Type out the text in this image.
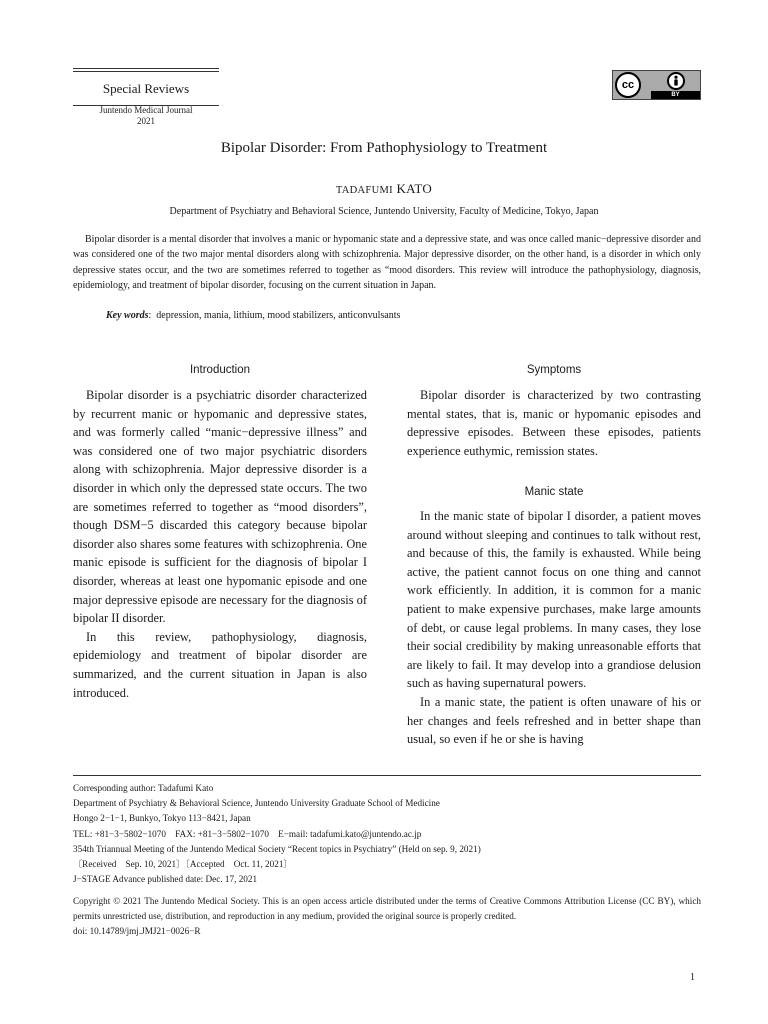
Special Reviews
Juntendo Medical Journal
2021
cc
BY
Bipolar Disorder: From Pathophysiology to Treatment
TADAFUMI KATO
Department of Psychiatry and Behavioral Science, Juntendo University, Faculty of Medicine, Tokyo, Japan
Bipolar disorder is a mental disorder that involves a manic or hypomanic state and a depressive state, and was once called manic−depressive disorder and was considered one of the two major mental disorders along with schizophrenia. Major depressive disorder, on the other hand, is a disorder in which only depressive states occur, and the two are sometimes referred to together as “mood disorders. This review will introduce the pathophysiology, diagnosis, epidemiology, and treatment of bipolar disorder, focusing on the current situation in Japan.
Key words:  depression, mania, lithium, mood stabilizers, anticonvulsants
Introduction

Bipolar disorder is a psychiatric disorder characterized by recurrent manic or hypomanic and depressive states, and was formerly called “manic−depressive illness” and was considered one of two major psychiatric disorders along with schizophrenia. Major depressive disorder is a disorder in which only the depressed state occurs. The two are sometimes referred to together as “mood disorders”, though DSM−5 discarded this category because bipolar disorder also shares some features with schizophrenia. One manic episode is sufficient for the diagnosis of bipolar I disorder, whereas at least one hypomanic episode and one major depressive episode are necessary for the diagnosis of bipolar II disorder.

In this review, pathophysiology, diagnosis, epidemiology and treatment of bipolar disorder are summarized, and the current situation in Japan is also introduced.

Symptoms

Bipolar disorder is characterized by two contrasting mental states, that is, manic or hypomanic episodes and depressive episodes. Between these episodes, patients experience euthymic, remission states.

Manic state

In the manic state of bipolar I disorder, a patient moves around without sleeping and continues to talk without rest, and because of this, the family is exhausted. While being active, the patient cannot focus on one thing and cannot work efficiently. In addition, it is common for a manic patient to make expensive purchases, make large amounts of debt, or cause legal problems. In many cases, they lose their social credibility by making unreasonable efforts that are likely to fail. It may develop into a grandiose delusion such as having supernatural powers.

In a manic state, the patient is often unaware of his or her changes and feels refreshed and in better shape than usual, so even if he or she is having

Corresponding author: Tadafumi Kato
Department of Psychiatry & Behavioral Science, Juntendo University Graduate School of Medicine
Hongo 2−1−1, Bunkyo, Tokyo 113−8421, Japan
TEL: +81−3−5802−1070　FAX: +81−3−5802−1070　E−mail: tadafumi.kato@juntendo.ac.jp
354th Triannual Meeting of the Juntendo Medical Society “Recent topics in Psychiatry” (Held on sep. 9, 2021)
〔Received　Sep. 10, 2021〕〔Accepted　Oct. 11, 2021〕
J−STAGE Advance published date: Dec. 17, 2021
Copyright © 2021 The Juntendo Medical Society. This is an open access article distributed under the terms of Creative Commons Attribution License (CC BY), which permits unrestricted use, distribution, and reproduction in any medium, provided the original source is properly credited.
doi: 10.14789/jmj.JMJ21−0026−R
1
